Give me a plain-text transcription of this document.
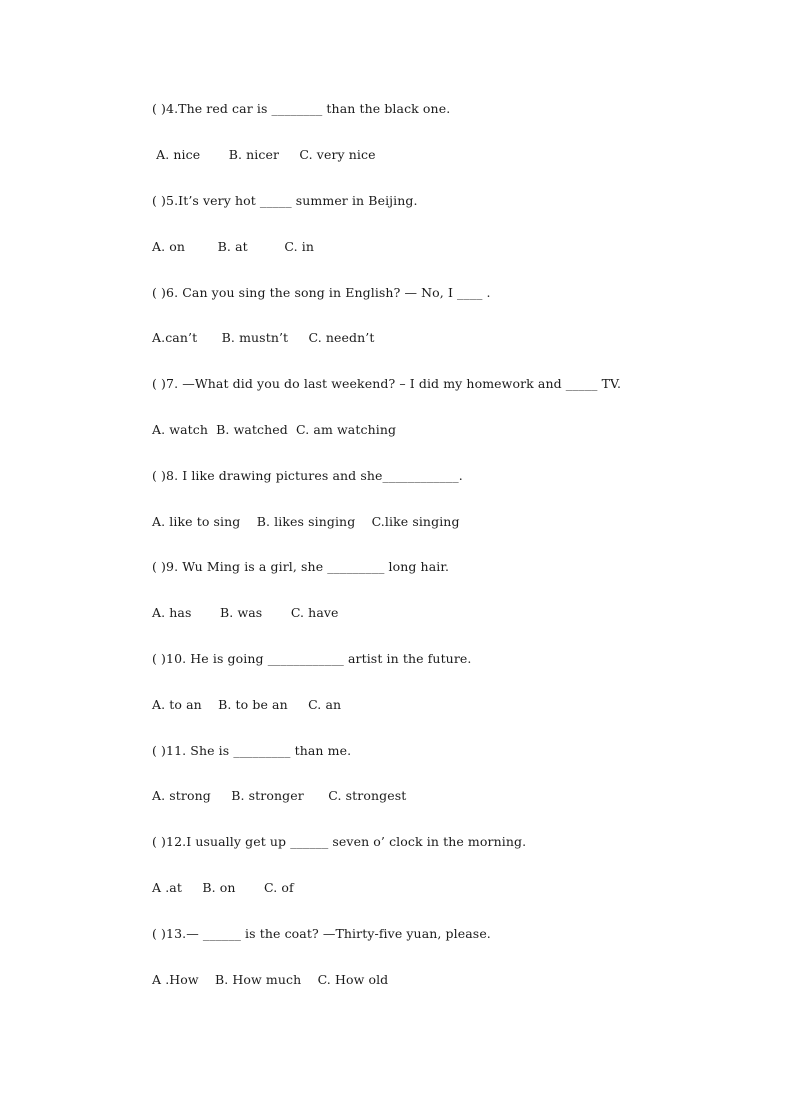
( )4.The red car is ________ than the black one.
A. nice       B. nicer     C. very nice
( )5.It’s very hot _____ summer in Beijing.
A. on        B. at         C. in
( )6. Can you sing the song in English? — No, I ____ .
A.can’t      B. mustn’t     C. needn’t
( )7. —What did you do last weekend? – I did my homework and _____ TV.
A. watch  B. watched  C. am watching
( )8. I like drawing pictures and she____________.
A. like to sing    B. likes singing    C.like singing
( )9. Wu Ming is a girl, she _________ long hair.
A. has       B. was       C. have
( )10. He is going ____________ artist in the future.
A. to an    B. to be an     C. an
( )11. She is _________ than me.
A. strong     B. stronger      C. strongest
( )12.I usually get up ______ seven o’ clock in the morning.
A .at     B. on       C. of
( )13.— ______ is the coat? —Thirty-five yuan, please.
A .How    B. How much    C. How old
